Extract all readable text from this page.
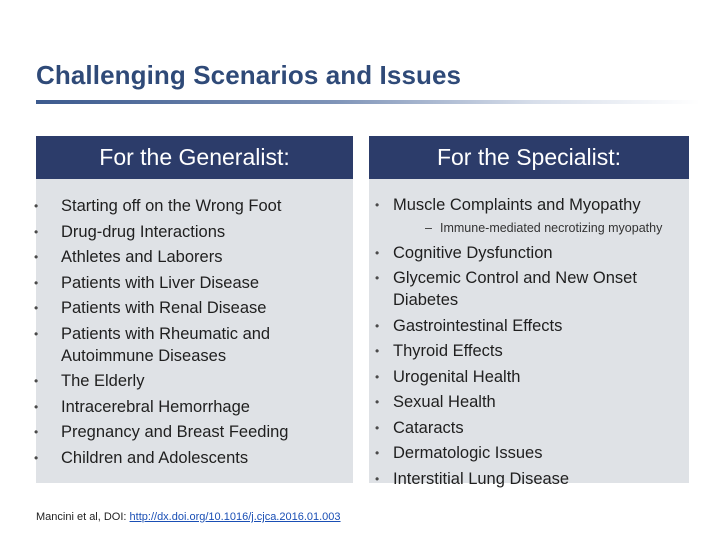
Challenging Scenarios and Issues
For the Generalist:
• Starting off on the Wrong Foot
• Drug-drug Interactions
• Athletes and Laborers
• Patients with Liver Disease
• Patients with Renal Disease
• Patients with Rheumatic and Autoimmune Diseases
• The Elderly
• Intracerebral Hemorrhage
• Pregnancy and Breast Feeding
• Children and Adolescents
For the Specialist:
• Muscle Complaints and Myopathy
– Immune-mediated necrotizing myopathy
• Cognitive Dysfunction
• Glycemic Control and New Onset Diabetes
• Gastrointestinal Effects
• Thyroid Effects
• Urogenital Health
• Sexual Health
• Cataracts
• Dermatologic Issues
• Interstitial Lung Disease
Mancini et al, DOI: http://dx.doi.org/10.1016/j.cjca.2016.01.003
